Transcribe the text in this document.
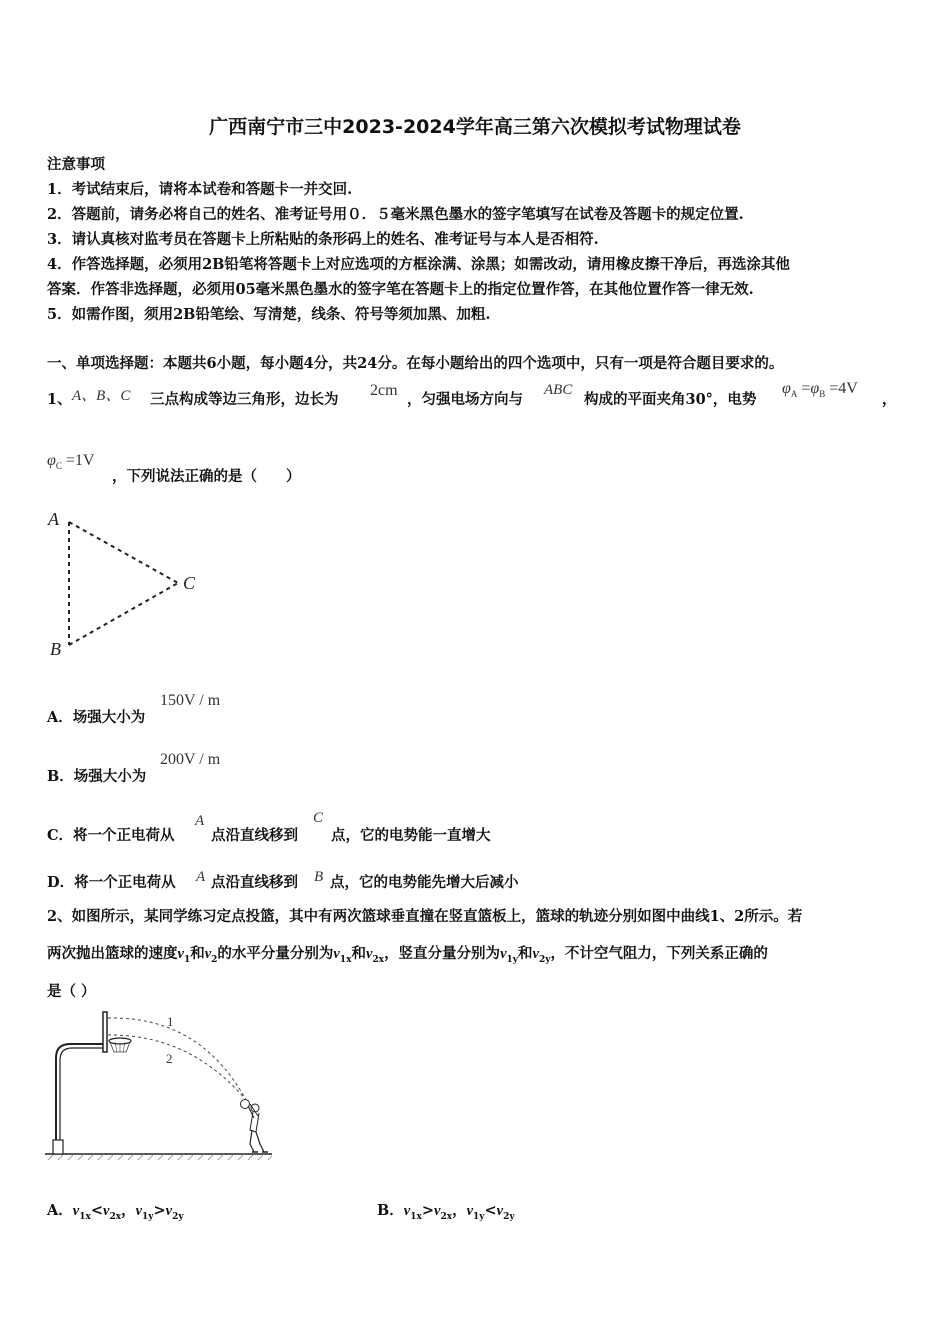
广西南宁市三中2023-2024学年高三第六次模拟考试物理试卷
注意事项
1．考试结束后，请将本试卷和答题卡一并交回.
2．答题前，请务必将自己的姓名、准考证号用０．５毫米黑色墨水的签字笔填写在试卷及答题卡的规定位置.
3．请认真核对监考员在答题卡上所粘贴的条形码上的姓名、准考证号与本人是否相符.
4．作答选择题，必须用2B铅笔将答题卡上对应选项的方框涂满、涂黑；如需改动，请用橡皮擦干净后，再选涂其他
答案．作答非选择题，必须用05毫米黑色墨水的签字笔在答题卡上的指定位置作答，在其他位置作答一律无效.
5．如需作图，须用2B铅笔绘、写清楚，线条、符号等须加黑、加粗.
一、单项选择题：本题共6小题，每小题4分，共24分。在每小题给出的四个选项中，只有一项是符合题目要求的。
1、 A、B、C 三点构成等边三角形，边长为
2cm
，匀强电场方向与
ABC
构成的平面夹角30°，电势
$\varphi_A =\varphi_B =4V$
，
$\varphi_C =1V$
，下列说法正确的是（　　）
A
B
C
A．场强大小为
150V / m
B．场强大小为
200V / m
C．将一个正电荷从
A
点沿直线移到
C
点，它的电势能一直增大
D．将一个正电荷从 A 点沿直线移到 B 点，它的电势能先增大后减小
2、如图所示，某同学练习定点投篮，其中有两次篮球垂直撞在竖直篮板上，篮球的轨迹分别如图中曲线1、2所示。若
两次抛出篮球的速度$v_1$和$v_2$的水平分量分别为$v_{1x}$和$v_{2x}$，竖直分量分别为$v_{1y}$和$v_{2y}$，不计空气阻力，下列关系正确的
是（ ）
1
2
A．$v_{1x}<v_{2x}$，$v_{1y}>v_{2y}$	B．$v_{1x}>v_{2x}$，$v_{1y}<v_{2y}$
